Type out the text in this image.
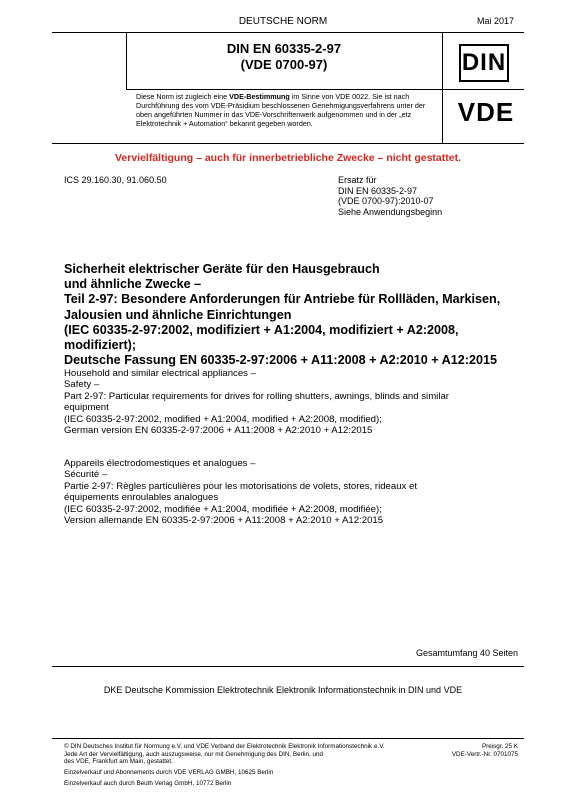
DEUTSCHE NORM	Mai 2017
DIN EN 60335-2-97
(VDE 0700-97)	DIN
Diese Norm ist zugleich eine VDE-Bestimmung im Sinne von VDE 0022. Sie ist nach Durchführung des vom VDE-Präsidium beschlossenen Genehmigungsverfahrens unter der oben angeführten Nummer in das VDE-Vorschriftenwerk aufgenommen und in der „etz Elektrotechnik + Automation“ bekannt gegeben worden.	VDE
Vervielfältigung – auch für innerbetriebliche Zwecke – nicht gestattet.
ICS 29.160.30, 91.060.50	Ersatz für
DIN EN 60335-2-97
(VDE 0700-97):2010-07
Siehe Anwendungsbeginn
Sicherheit elektrischer Geräte für den Hausgebrauch
und ähnliche Zwecke –
Teil 2-97: Besondere Anforderungen für Antriebe für Rollläden, Markisen,
Jalousien und ähnliche Einrichtungen
(IEC 60335-2-97:2002, modifiziert + A1:2004, modifiziert + A2:2008,
modifiziert);
Deutsche Fassung EN 60335-2-97:2006 + A11:2008 + A2:2010 + A12:2015
Household and similar electrical appliances –
Safety –
Part 2-97: Particular requirements for drives for rolling shutters, awnings, blinds and similar
equipment
(IEC 60335-2-97:2002, modified + A1:2004, modified + A2:2008, modified);
German version EN 60335-2-97:2006 + A11:2008 + A2:2010 + A12:2015
Appareils électrodomestiques et analogues –
Sécurité –
Partie 2-97: Règles particulières pour les motorisations de volets, stores, rideaux et
équipements enroulables analogues
(IEC 60335-2-97:2002, modifiée + A1:2004, modifiée + A2:2008, modifiée);
Version allemande EN 60335-2-97:2006 + A11:2008 + A2:2010 + A12:2015
Gesamtumfang 40 Seiten
DKE Deutsche Kommission Elektrotechnik Elektronik Informationstechnik in DIN und VDE
© DIN Deutsches Institut für Normung e.V. und VDE Verband der Elektrotechnik Elektronik Informationstechnik e.V.
Jede Art der Vervielfältigung, auch auszugsweise, nur mit Genehmigung des DIN, Berlin, und
des VDE, Frankfurt am Main, gestattet.
Preisgr. 25 K
VDE-Vertr.-Nr. 0701075
Einzelverkauf und Abonnements durch VDE VERLAG GMBH, 10625 Berlin
Einzelverkauf auch durch Beuth Verlag GmbH, 10772 Berlin
